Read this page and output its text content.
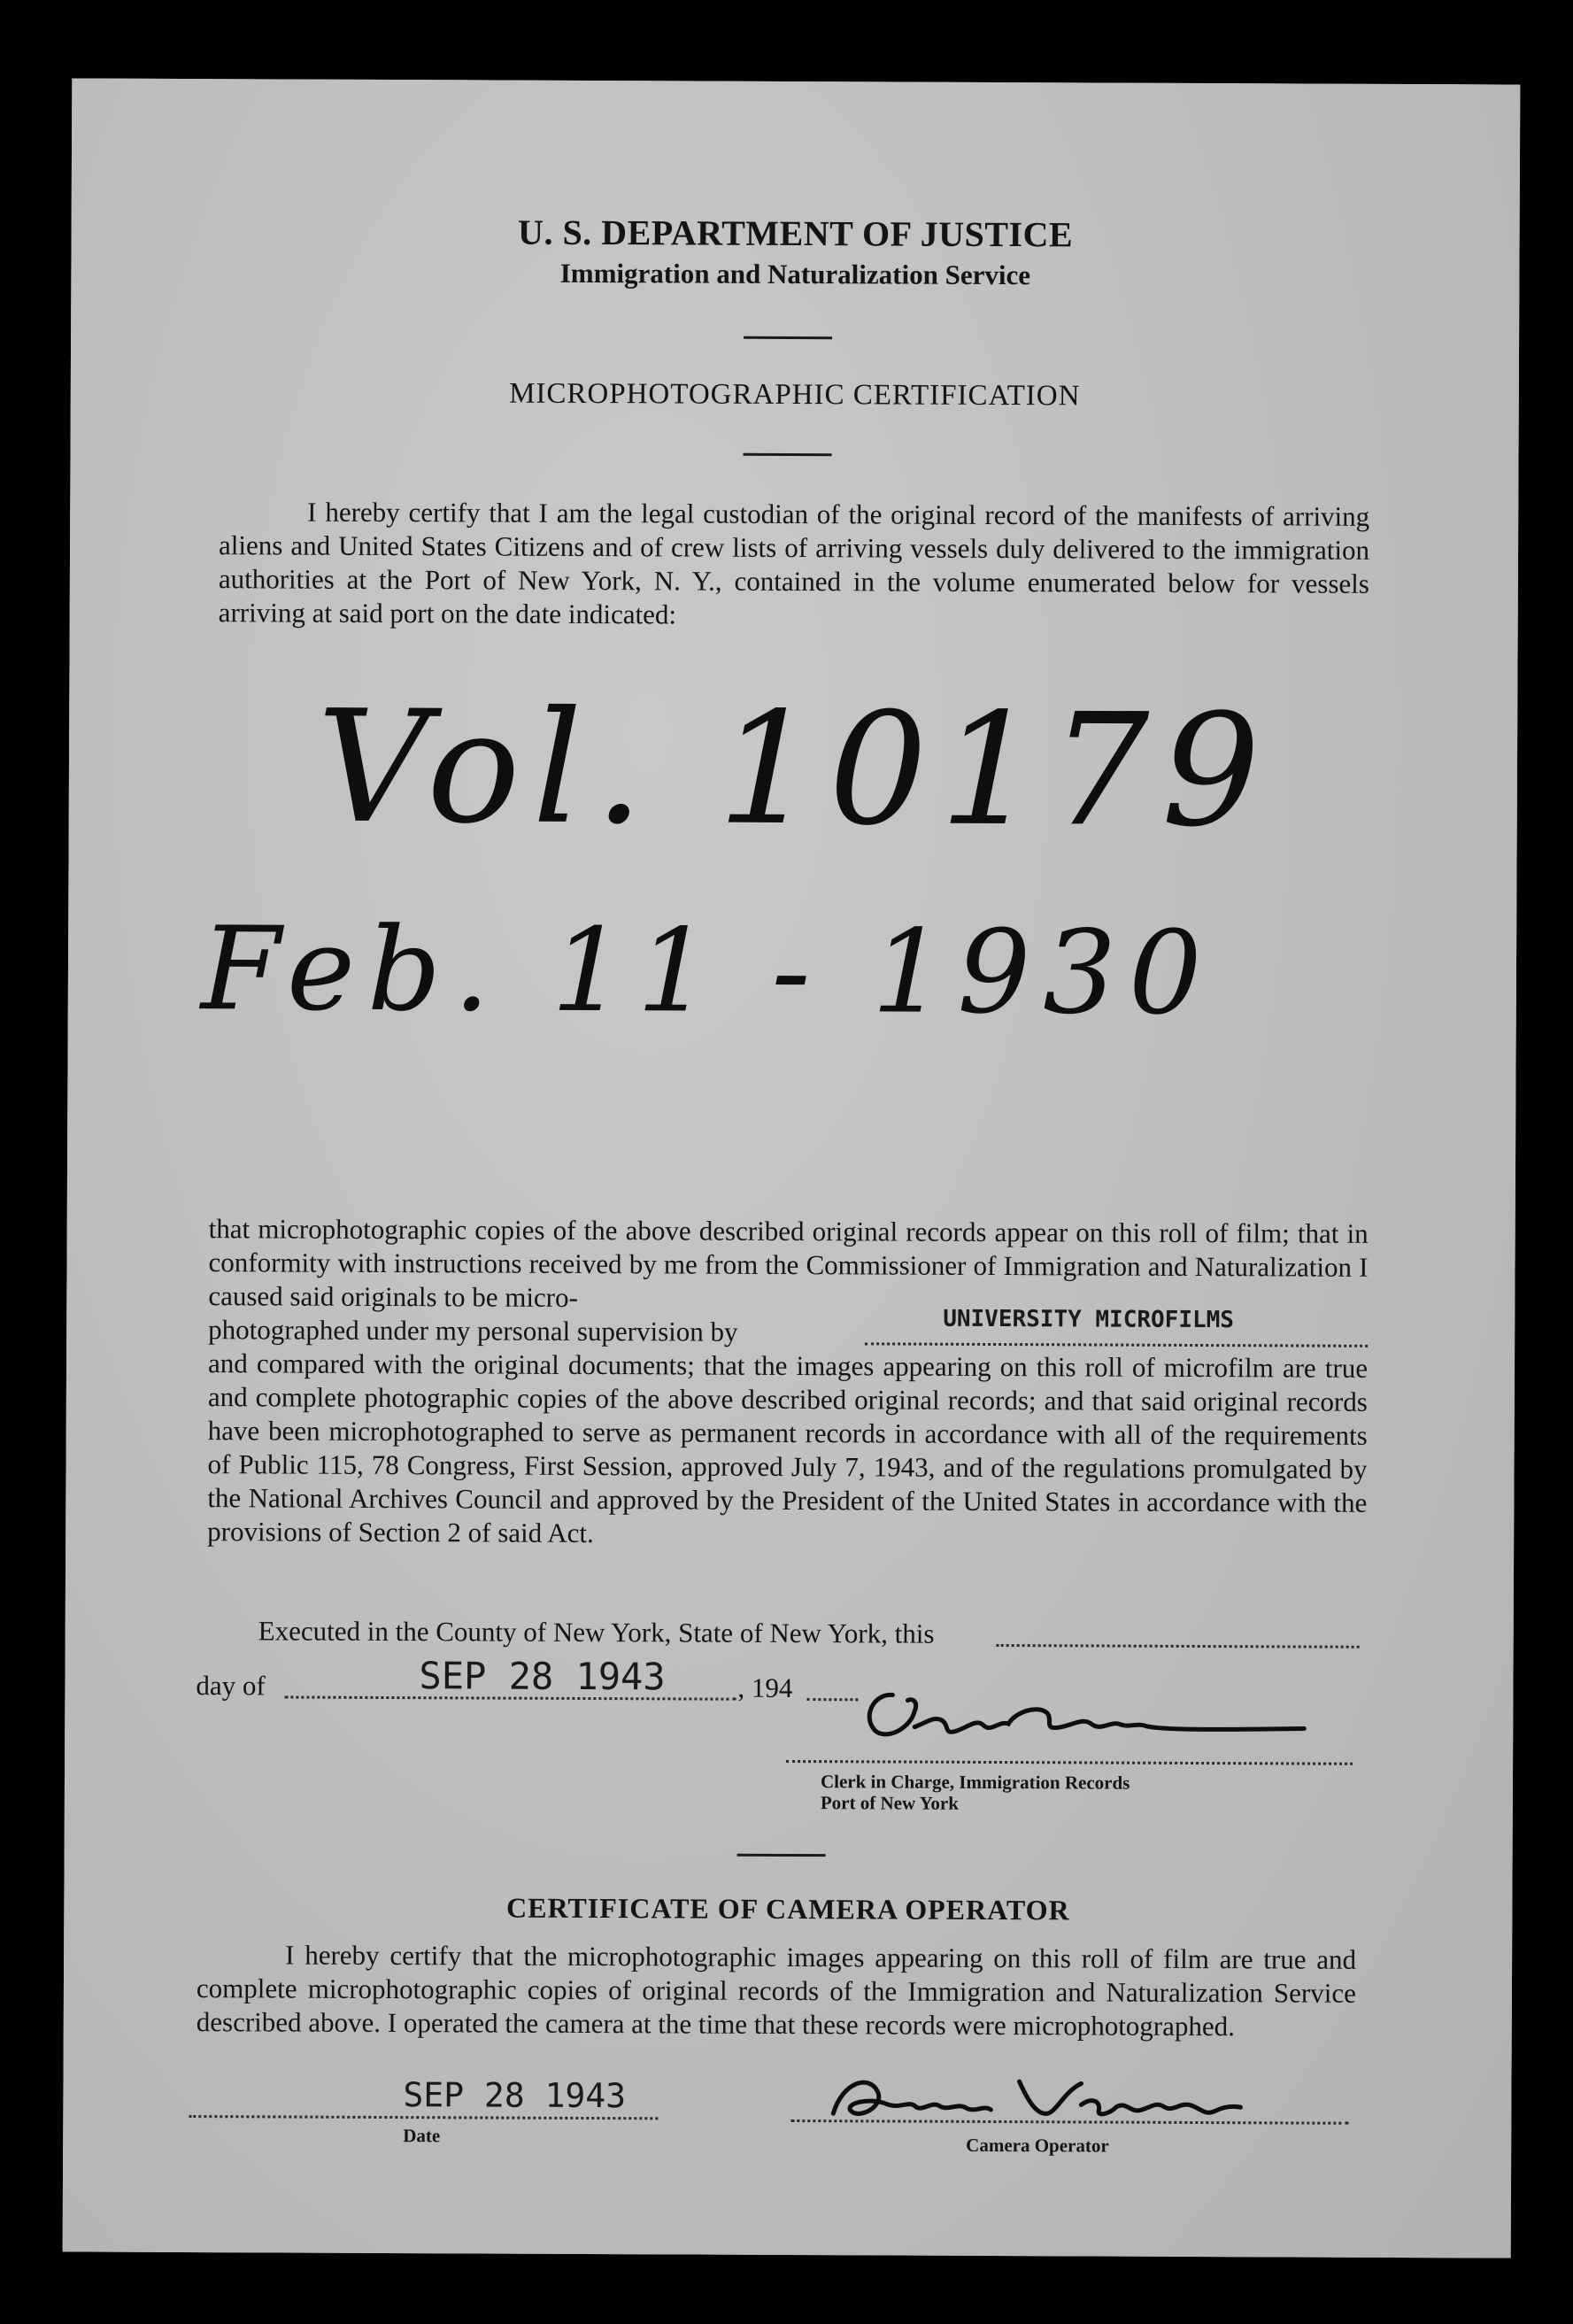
U. S. DEPARTMENT OF JUSTICE
Immigration and Naturalization Service
MICROPHOTOGRAPHIC CERTIFICATION

I hereby certify that I am the legal custodian of the original record of the manifests of arriving aliens and United States Citizens and of crew lists of arriving vessels duly delivered to the immigration authorities at the Port of New York, N. Y., contained in the volume enumerated below for vessels arriving at said port on the date indicated:

Vol. 10179
Feb. 11 - 1930

that microphotographic copies of the above described original records appear on this roll of film; that in conformity with instructions received by me from the Commissioner of Immigration and Naturalization I caused said originals to be micro-

photographed under my personal supervision by	UNIVERSITY MICROFILMS

and compared with the original documents; that the images appearing on this roll of microfilm are true and complete photographic copies of the above described original records; and that said original records have been microphotographed to serve as permanent records in accordance with all of the requirements of Public 115, 78 Congress, First Session, approved July 7, 1943, and of the regulations promulgated by the National Archives Council and approved by the President of the United States in accordance with the provisions of Section 2 of said Act.

Executed in the County of New York, State of New York, this
day of	SEP 28 1943	, 194
Clerk in Charge, Immigration Records
Port of New York
CERTIFICATE OF CAMERA OPERATOR

I hereby certify that the microphotographic images appearing on this roll of film are true and complete microphotographic copies of original records of the Immigration and Naturalization Service described above. I operated the camera at the time that these records were microphotographed.

SEP 28 1943
Date	Camera Operator
